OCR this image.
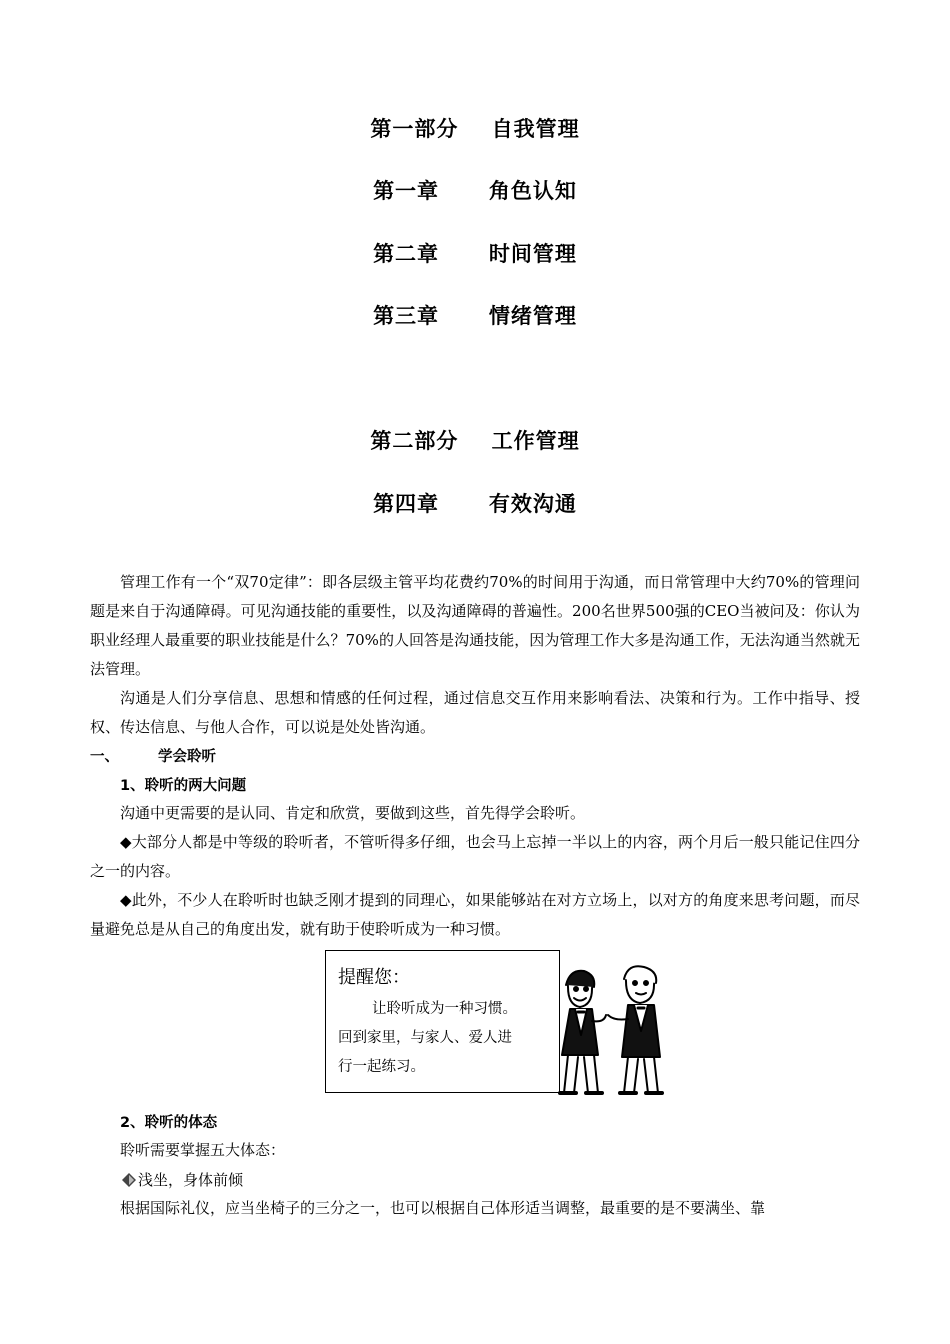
第一部分    自我管理
第一章      角色认知
第二章      时间管理
第三章      情绪管理
第二部分    工作管理
第四章      有效沟通

管理工作有一个“双70定律”：即各层级主管平均花费约70%的时间用于沟通，而日常管理中大约70%的管理问题是来自于沟通障碍。可见沟通技能的重要性，以及沟通障碍的普遍性。200名世界500强的CEO当被问及：你认为职业经理人最重要的职业技能是什么？70%的人回答是沟通技能，因为管理工作大多是沟通工作，无法沟通当然就无法管理。

沟通是人们分享信息、思想和情感的任何过程，通过信息交互作用来影响看法、决策和行为。工作中指导、授权、传达信息、与他人合作，可以说是处处皆沟通。

一、	学会聆听
1、聆听的两大问题

沟通中更需要的是认同、肯定和欣赏，要做到这些，首先得学会聆听。

◆大部分人都是中等级的聆听者，不管听得多仔细，也会马上忘掉一半以上的内容，两个月后一般只能记住四分之一的内容。

◆此外，不少人在聆听时也缺乏刚才提到的同理心，如果能够站在对方立场上，以对方的角度来思考问题，而尽量避免总是从自己的角度出发，就有助于使聆听成为一种习惯。

提醒您：
让聆听成为一种习惯。
回到家里，与家人、爱人进
行一起练习。
2、聆听的体态

聆听需要掌握五大体态：

浅坐，身体前倾

根据国际礼仪，应当坐椅子的三分之一，也可以根据自己体形适当调整，最重要的是不要满坐、靠
